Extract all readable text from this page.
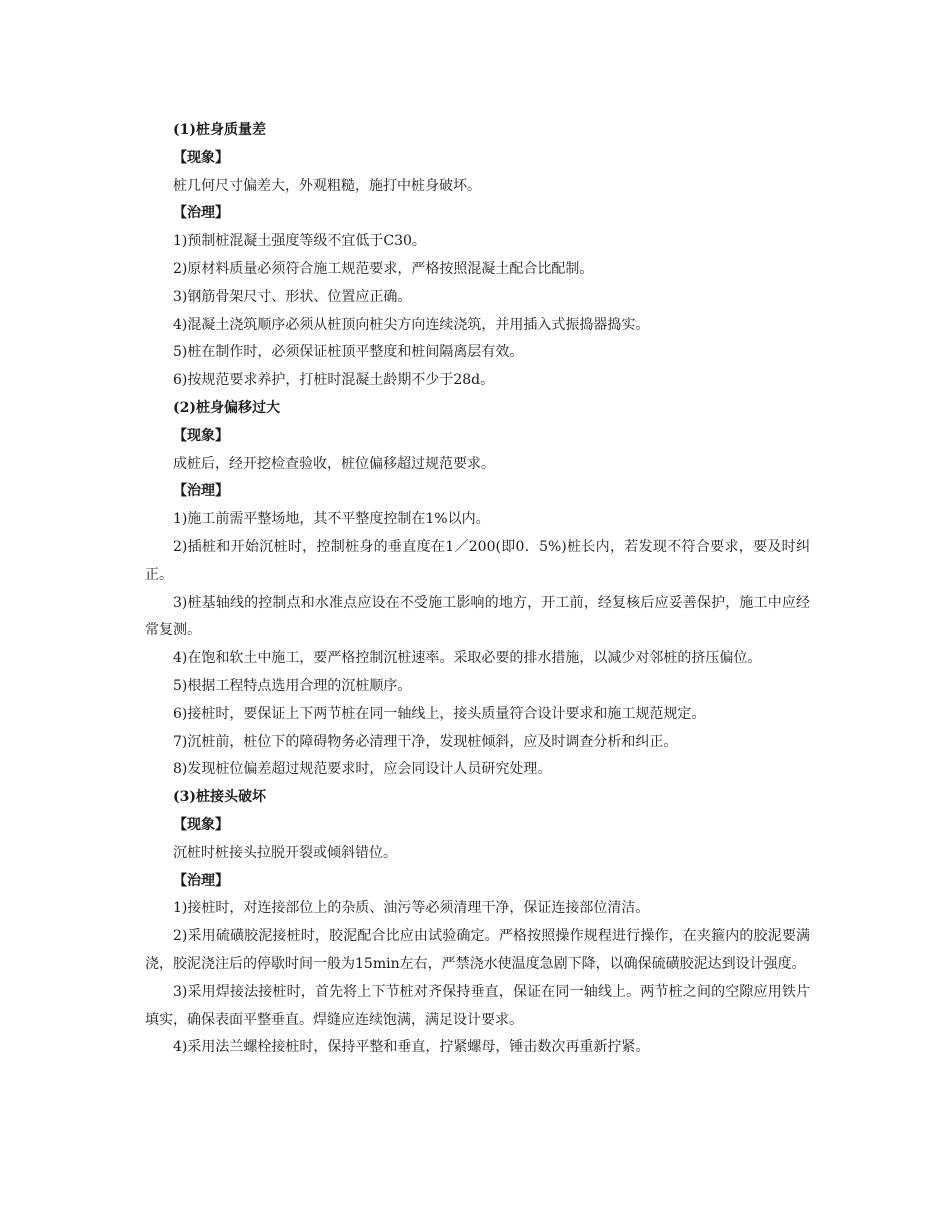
(1)桩身质量差
【现象】
桩几何尺寸偏差大，外观粗糙，施打中桩身破坏。
【治理】
1)预制桩混凝土强度等级不宜低于C30。
2)原材料质量必须符合施工规范要求，严格按照混凝土配合比配制。
3)钢筋骨架尺寸、形状、位置应正确。
4)混凝土浇筑顺序必须从桩顶向桩尖方向连续浇筑，并用插入式振捣器捣实。
5)桩在制作时，必须保证桩顶平整度和桩间隔离层有效。
6)按规范要求养护，打桩时混凝土龄期不少于28d。
(2)桩身偏移过大
【现象】
成桩后，经开挖检查验收，桩位偏移超过规范要求。
【治理】
1)施工前需平整场地，其不平整度控制在1%以内。
2)插桩和开始沉桩时，控制桩身的垂直度在1／200(即0．5%)桩长内，若发现不符合要求，要及时纠正。
3)桩基轴线的控制点和水准点应设在不受施工影响的地方，开工前，经复核后应妥善保护，施工中应经常复测。
4)在饱和软土中施工，要严格控制沉桩速率。采取必要的排水措施，以减少对邻桩的挤压偏位。
5)根据工程特点选用合理的沉桩顺序。
6)接桩时，要保证上下两节桩在同一轴线上，接头质量符合设计要求和施工规范规定。
7)沉桩前，桩位下的障碍物务必清理干净，发现桩倾斜，应及时调查分析和纠正。
8)发现桩位偏差超过规范要求时，应会同设计人员研究处理。
(3)桩接头破坏
【现象】
沉桩时桩接头拉脱开裂或倾斜错位。
【治理】
1)接桩时，对连接部位上的杂质、油污等必须清理干净，保证连接部位清洁。
2)采用硫磺胶泥接桩时，胶泥配合比应由试验确定。严格按照操作规程进行操作，在夹箍内的胶泥要满浇，胶泥浇注后的停歇时间一般为15min左右，严禁浇水使温度急剧下降，以确保硫磺胶泥达到设计强度。
3)采用焊接法接桩时，首先将上下节桩对齐保持垂直，保证在同一轴线上。两节桩之间的空隙应用铁片填实，确保表面平整垂直。焊缝应连续饱满，满足设计要求。
4)采用法兰螺栓接桩时，保持平整和垂直，拧紧螺母，锤击数次再重新拧紧。
